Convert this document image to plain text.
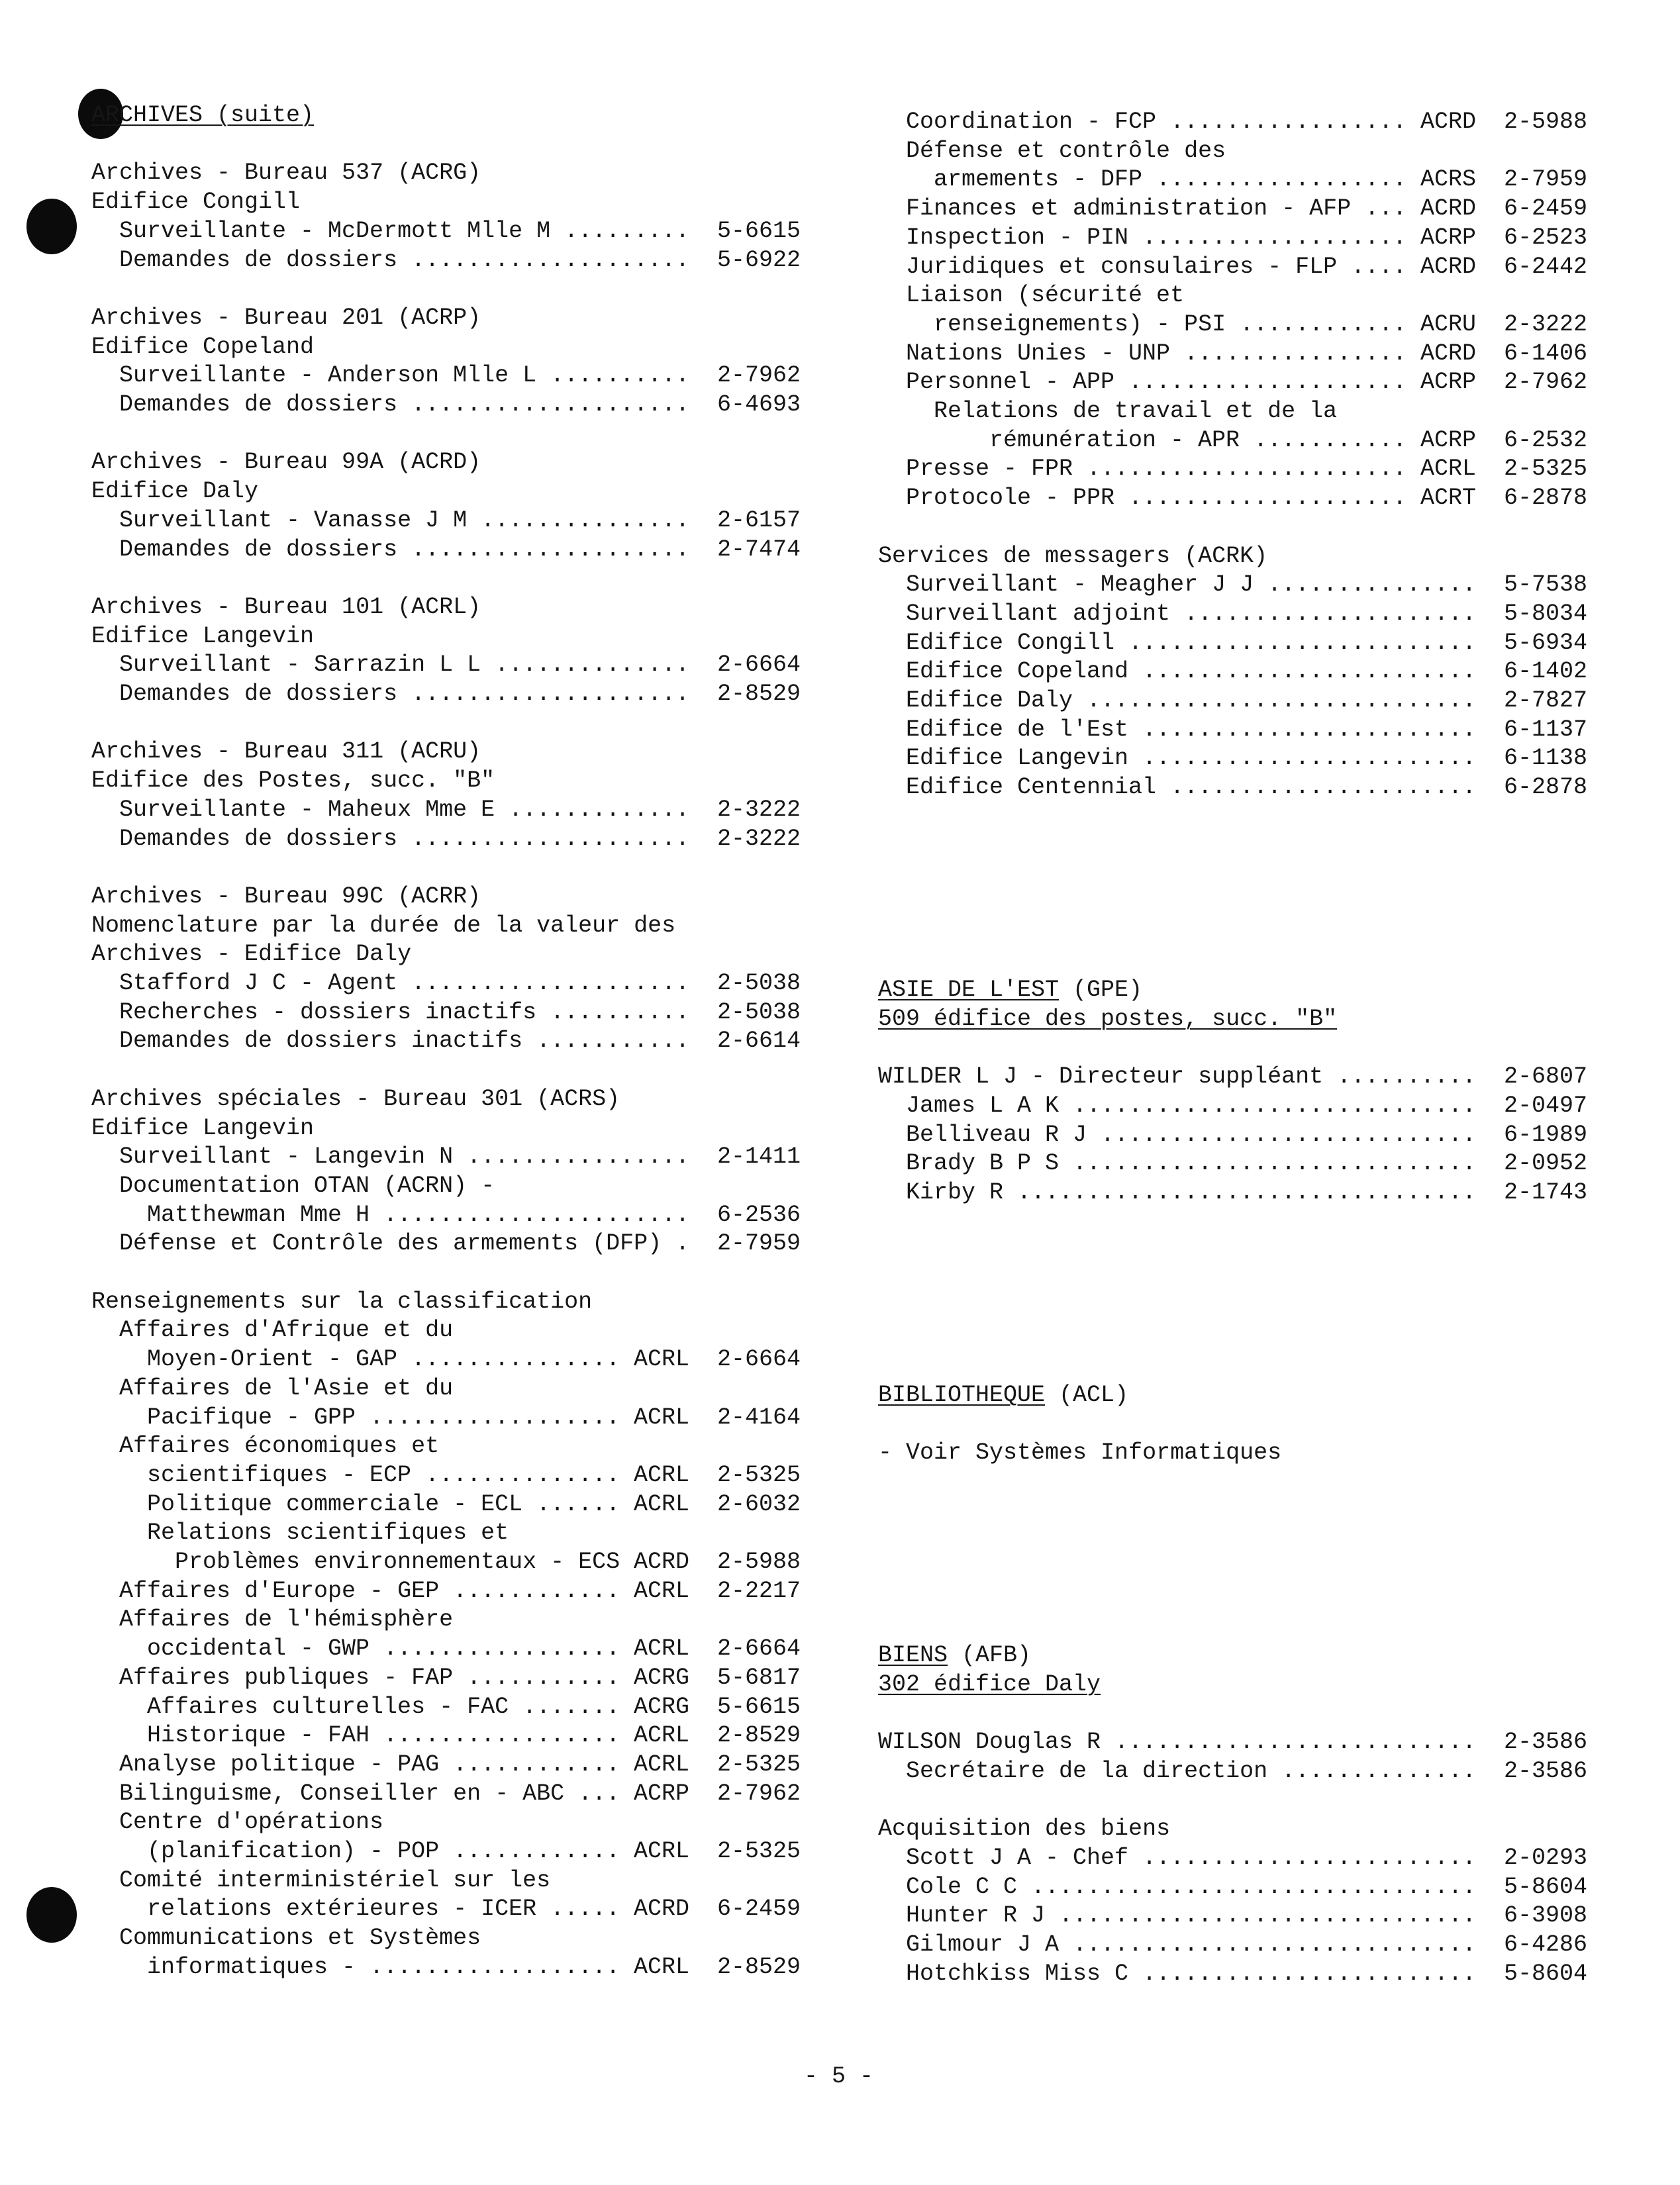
ARCHIVES (suite)
Archives - Bureau 537 (ACRG)
Edifice Congill
Surveillante - McDermott Mlle M ......... 5-6615
Demandes de dossiers .................... 5-6922
Archives - Bureau 201 (ACRP)
Edifice Copeland
Surveillante - Anderson Mlle L .......... 2-7962
Demandes de dossiers .................... 6-4693
Archives - Bureau 99A (ACRD)
Edifice Daly
Surveillant - Vanasse J M ............... 2-6157
Demandes de dossiers .................... 2-7474
Archives - Bureau 101 (ACRL)
Edifice Langevin
Surveillant - Sarrazin L L .............. 2-6664
Demandes de dossiers .................... 2-8529
Archives - Bureau 311 (ACRU)
Edifice des Postes, succ. "B"
Surveillante - Maheux Mme E ............. 2-3222
Demandes de dossiers .................... 2-3222
Archives - Bureau 99C (ACRR)
Nomenclature par la durée de la valeur des
Archives - Edifice Daly
Stafford J C - Agent .................... 2-5038
Recherches - dossiers inactifs .......... 2-5038
Demandes de dossiers inactifs ........... 2-6614
Archives spéciales - Bureau 301 (ACRS)
Edifice Langevin
Surveillant - Langevin N ................ 2-1411
Documentation OTAN (ACRN) -
Matthewman Mme H ...................... 6-2536
Défense et Contrôle des armements (DFP) . 2-7959
Renseignements sur la classification
Affaires d'Afrique et du
Moyen-Orient - GAP ............... ACRL 2-6664
Affaires de l'Asie et du
Pacifique - GPP .................. ACRL 2-4164
Affaires économiques et
scientifiques - ECP .............. ACRL 2-5325
Politique commerciale - ECL ...... ACRL 2-6032
Relations scientifiques et
Problèmes environnementaux - ECS ACRD 2-5988
Affaires d'Europe - GEP ............ ACRL 2-2217
Affaires de l'hémisphère
occidental - GWP ................. ACRL 2-6664
Affaires publiques - FAP ........... ACRG 5-6817
Affaires culturelles - FAC ....... ACRG 5-6615
Historique - FAH ................. ACRL 2-8529
Analyse politique - PAG ............ ACRL 2-5325
Bilinguisme, Conseiller en - ABC ... ACRP 2-7962
Centre d'opérations
(planification) - POP ............ ACRL 2-5325
Comité interministériel sur les
relations extérieures - ICER ..... ACRD 6-2459
Communications et Systèmes
informatiques - .................. ACRL 2-8529
Coordination - FCP ................. ACRD 2-5988
Défense et contrôle des
armements - DFP .................. ACRS 2-7959
Finances et administration - AFP ... ACRD 6-2459
Inspection - PIN ................... ACRP 6-2523
Juridiques et consulaires - FLP .... ACRD 6-2442
Liaison (sécurité et
renseignements) - PSI ............ ACRU 2-3222
Nations Unies - UNP ................ ACRD 6-1406
Personnel - APP .................... ACRP 2-7962
Relations de travail et de la
rémunération - APR ........... ACRP 6-2532
Presse - FPR ....................... ACRL 2-5325
Protocole - PPR .................... ACRT 6-2878
Services de messagers (ACRK)
Surveillant - Meagher J J ............... 5-7538
Surveillant adjoint ..................... 5-8034
Edifice Congill ......................... 5-6934
Edifice Copeland ........................ 6-1402
Edifice Daly ............................ 2-7827
Edifice de l'Est ........................ 6-1137
Edifice Langevin ........................ 6-1138
Edifice Centennial ...................... 6-2878
ASIE DE L'EST (GPE)
509 édifice des postes, succ. "B"
WILDER L J - Directeur suppléant .......... 2-6807
James L A K ............................. 2-0497
Belliveau R J ........................... 6-1989
Brady B P S ............................. 2-0952
Kirby R ................................. 2-1743
BIBLIOTHEQUE (ACL)
- Voir Systèmes Informatiques
BIENS (AFB)
302 édifice Daly
WILSON Douglas R .......................... 2-3586
Secrétaire de la direction .............. 2-3586
Acquisition des biens
Scott J A - Chef ........................ 2-0293
Cole C C ................................ 5-8604
Hunter R J .............................. 6-3908
Gilmour J A ............................. 6-4286
Hotchkiss Miss C ........................ 5-8604
- 5 -
